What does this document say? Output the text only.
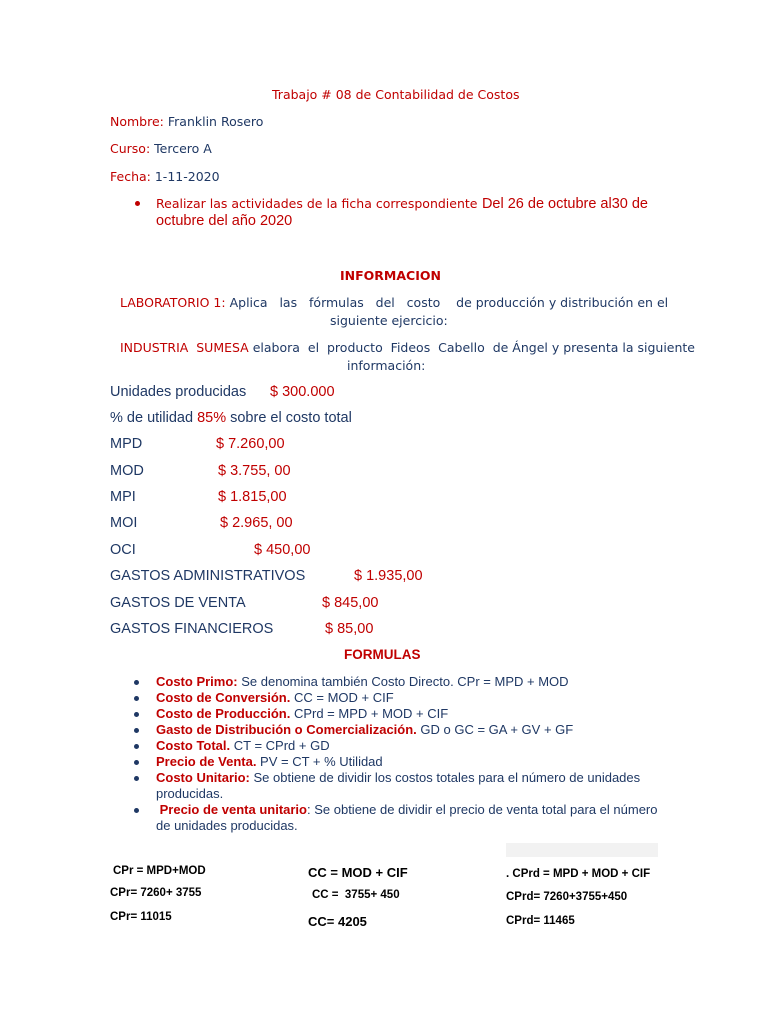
Trabajo # 08 de Contabilidad de Costos
Nombre: Franklin Rosero
Curso: Tercero A
Fecha: 1-11-2020
Realizar las actividades de la ficha correspondiente Del 26 de octubre al30 de
octubre del año 2020
INFORMACION
LABORATORIO 1: Aplica   las   fórmulas   del   costo    de producción y distribución en el
siguiente ejercicio:
INDUSTRIA  SUMESA elabora  el  producto  Fideos  Cabello  de Ángel y presenta la siguiente
información:
Unidades producidas $ 300.000
% de utilidad 85% sobre el costo total
MPD	$ 7.260,00
MOD	$ 3.755, 00
MPI	$ 1.815,00
MOI	$ 2.965, 00
OCI	$ 450,00
GASTOS ADMINISTRATIVOS	$ 1.935,00
GASTOS DE VENTA	$ 845,00
GASTOS FINANCIEROS	$ 85,00
FORMULAS
Costo Primo: Se denomina también Costo Directo. CPr = MPD + MOD
Costo de Conversión. CC = MOD + CIF
Costo de Producción. CPrd = MPD + MOD + CIF
Gasto de Distribución o Comercialización. GD o GC = GA + GV + GF
Costo Total. CT = CPrd + GD
Precio de Venta. PV = CT + % Utilidad
Costo Unitario: Se obtiene de dividir los costos totales para el número de unidades
producidas.
Precio de venta unitario: Se obtiene de dividir el precio de venta total para el número
de unidades producidas.
CPr = MPD+MOD
CPr= 7260+ 3755
CPr= 11015
CC = MOD + CIF
CC =  3755+ 450
CC= 4205
. CPrd = MPD + MOD + CIF
CPrd= 7260+3755+450
CPrd= 11465
